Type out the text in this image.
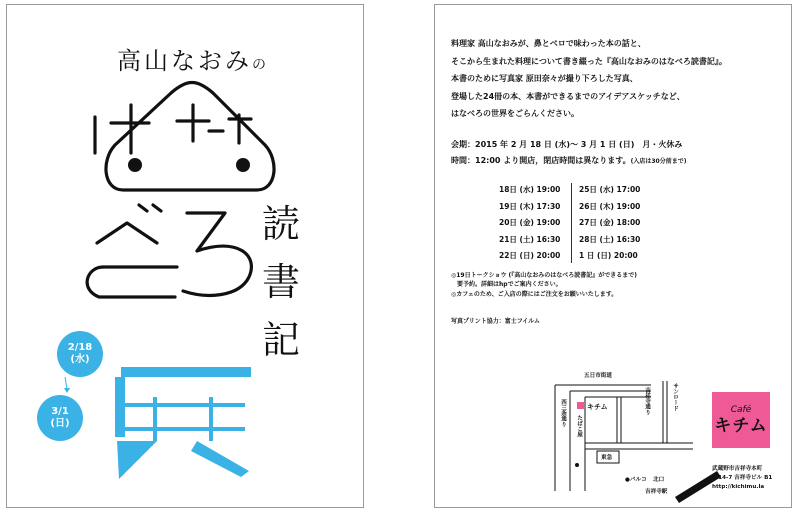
高山なおみの
読
書
記
2/18
(水)
3/1
(日)
料理家 高山なおみが、鼻とベロで味わった本の話と、
そこから生まれた料理について書き綴った『高山なおみのはなべろ読書記』。
本書のために写真家 原田奈々が撮り下ろした写真、
登場した24冊の本、本書ができるまでのアイデアスケッチなど、
はなべろの世界をごらんください。
会期：2015 年 2 月 18 日 (水)～ 3 月 1 日 (日)　月・火休み
時間：12:00 より開店，閉店時間は異なります。(入店は30分前まで)
18日 (水) 19:00
19日 (木) 17:30
20日 (金) 19:00
21日 (土) 16:30
22日 (日) 20:00
25日 (水) 17:00
26日 (木) 19:00
27日 (金) 18:00
28日 (土) 16:30
1 日 (日) 20:00
◎19日トークショウ (『高山なおみのはなべろ読書記』ができるまで)
　要予約。詳細はhpでご案内ください。
◎カフェのため、ご入店の際にはご注文をお願いいたします。
写真プリント協力：富士フイルム
五日市街道
西三条通り	吉祥寺通り	サンロード
キチム
たばこ屋
東急
●パルコ 北口
吉祥寺駅
Café
キチム
武蔵野市吉祥寺本町
2-14-7 吉祥寺ビル B1
http://kichimu.la
